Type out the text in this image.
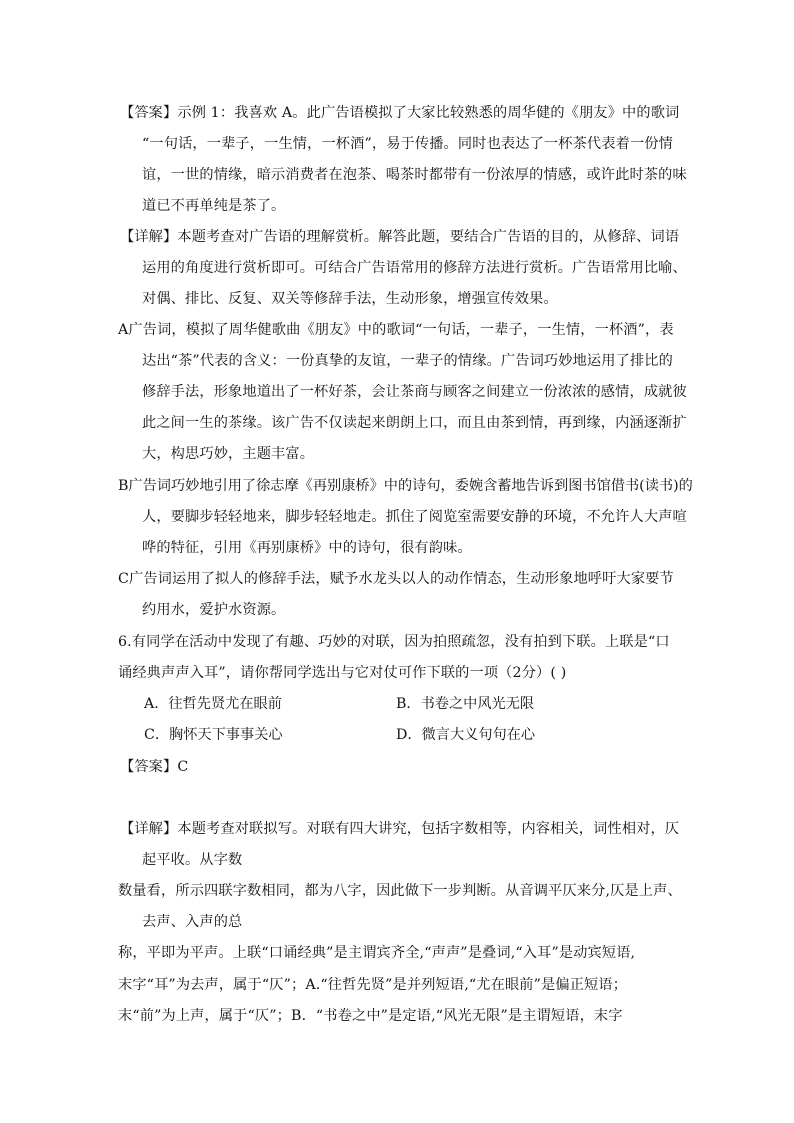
【答案】示例 1：我喜欢 A。此广告语模拟了大家比较熟悉的周华健的《朋友》中的歌词
“一句话，一辈子，一生情，一杯酒”，易于传播。同时也表达了一杯茶代表着一份情
谊，一世的情缘，暗示消费者在泡茶、喝茶时都带有一份浓厚的情感，或许此时茶的味
道已不再单纯是茶了。
【详解】本题考查对广告语的理解赏析。解答此题，要结合广告语的目的，从修辞、词语
运用的角度进行赏析即可。可结合广告语常用的修辞方法进行赏析。广告语常用比喻、
对偶、排比、反复、双关等修辞手法，生动形象，增强宣传效果。
A广告词，模拟了周华健歌曲《朋友》中的歌词“一句话，一辈子，一生情，一杯酒”，表
达出“茶”代表的含义：一份真挚的友谊，一辈子的情缘。广告词巧妙地运用了排比的
修辞手法，形象地道出了一杯好茶，会让茶商与顾客之间建立一份浓浓的感情，成就彼
此之间一生的茶缘。该广告不仅读起来朗朗上口，而且由茶到情，再到缘，内涵逐渐扩
大，构思巧妙，主题丰富。
B广告词巧妙地引用了徐志摩《再别康桥》中的诗句，委婉含蓄地告诉到图书馆借书(读书)的
人，要脚步轻轻地来，脚步轻轻地走。抓住了阅览室需要安静的环境，不允许人大声喧
哗的特征，引用《再别康桥》中的诗句，很有韵味。
C广告词运用了拟人的修辞手法，赋予水龙头以人的动作情态，生动形象地呼吁大家要节
约用水，爱护水资源。
6.有同学在活动中发现了有趣、巧妙的对联，因为拍照疏忽，没有拍到下联。上联是“口
诵经典声声入耳”，请你帮同学选出与它对仗可作下联的一项（2分）( )
A．往哲先贤尤在眼前	B．书卷之中风光无限
C．胸怀天下事事关心	D．微言大义句句在心
【答案】C
【详解】本题考查对联拟写。对联有四大讲究，包括字数相等，内容相关，词性相对，仄
起平收。从字数
数量看，所示四联字数相同，都为八字，因此做下一步判断。从音调平仄来分,仄是上声、
去声、入声的总
称，平即为平声。上联“口诵经典”是主谓宾齐全,“声声”是叠词,“入耳”是动宾短语,
末字“耳”为去声，属于“仄”；A.“往哲先贤”是并列短语,“尤在眼前”是偏正短语；
末“前”为上声，属于“仄”；B．“书卷之中”是定语,“风光无限”是主谓短语，末字
